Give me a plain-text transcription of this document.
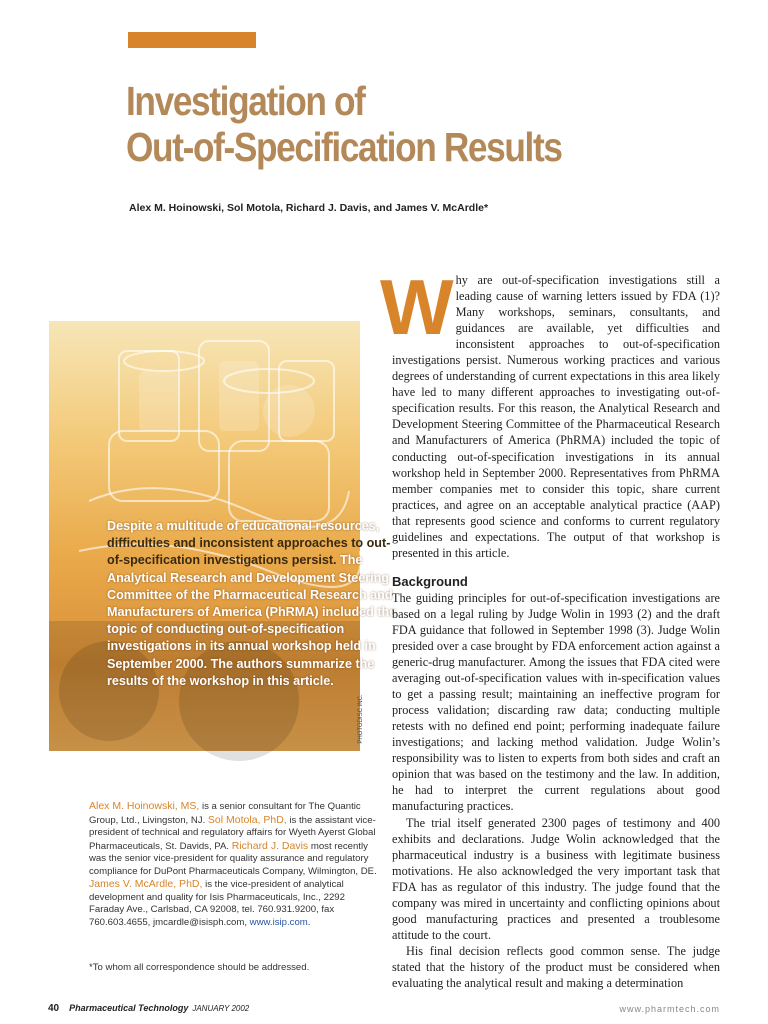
Investigation of
Out-of-Specification Results
Alex M. Hoinowski, Sol Motola, Richard J. Davis, and James V. McArdle*

Despite a multitude of educational resources, difficulties and inconsistent approaches to out-of-specification investigations persist. The Analytical Research and Development Steering Committee of the Pharmaceutical Research and Manufacturers of America (PhRMA) included the topic of conducting out-of-specification investigations in its annual workshop held in September 2000. The authors summarize the results of the workshop in this article.

PHOTODISC INC.

Alex M. Hoinowski, MS, is a senior consultant for The Quantic Group, Ltd., Livingston, NJ. Sol Motola, PhD, is the assistant vice-president of technical and regulatory affairs for Wyeth Ayerst Global Pharmaceuticals, St. Davids, PA. Richard J. Davis most recently was the senior vice-president for quality assurance and regulatory compliance for DuPont Pharmaceuticals Company, Wilmington, DE. James V. McArdle, PhD, is the vice-president of analytical development and quality for Isis Pharmaceuticals, Inc., 2292 Faraday Ave., Carlsbad, CA 92008, tel. 760.931.9200, fax 760.603.4655, jmcardle@isisph.com, www.isip.com.

*To whom all correspondence should be addressed.

Why are out-of-specification investigations still a leading cause of warning letters issued by FDA (1)? Many workshops, seminars, consultants, and guidances are available, yet difficulties and inconsistent approaches to out-of-specification investigations persist. Numerous working practices and various degrees of understanding of current expectations in this area likely have led to many different approaches to investigating out-of-specification results. For this reason, the Analytical Research and Development Steering Committee of the Pharmaceutical Research and Manufacturers of America (PhRMA) included the topic of conducting out-of-specification investigations in its annual workshop held in September 2000. Representatives from PhRMA member companies met to consider this topic, share current practices, and agree on an acceptable analytical practice (AAP) that represents good science and conforms to current regulatory guidelines and expectations. The output of that workshop is presented in this article.

Background

The guiding principles for out-of-specification investigations are based on a legal ruling by Judge Wolin in 1993 (2) and the draft FDA guidance that followed in September 1998 (3). Judge Wolin presided over a case brought by FDA enforcement action against a generic-drug manufacturer. Among the issues that FDA cited were averaging out-of-specification values with in-specification values to get a passing result; maintaining an ineffective program for process validation; discarding raw data; conducting multiple retests with no defined end point; performing inadequate failure investigations; and lacking method validation. Judge Wolin’s responsibility was to listen to experts from both sides and craft an opinion that was based on the testimony and the law. In addition, he had to interpret the current regulations about good manufacturing practices.

The trial itself generated 2300 pages of testimony and 400 exhibits and declarations. Judge Wolin acknowledged that the pharmaceutical industry is a business with legitimate business motivations. He also acknowledged the very important task that FDA has as regulator of this industry. The judge found that the company was mired in uncertainty and conflicting opinions about good manufacturing practices and presented a troublesome attitude to the court.

His final decision reflects good common sense. The judge stated that the history of the product must be considered when evaluating the analytical result and making a determination

40 Pharmaceutical Technology JANUARY 2002	www.pharmtech.com
